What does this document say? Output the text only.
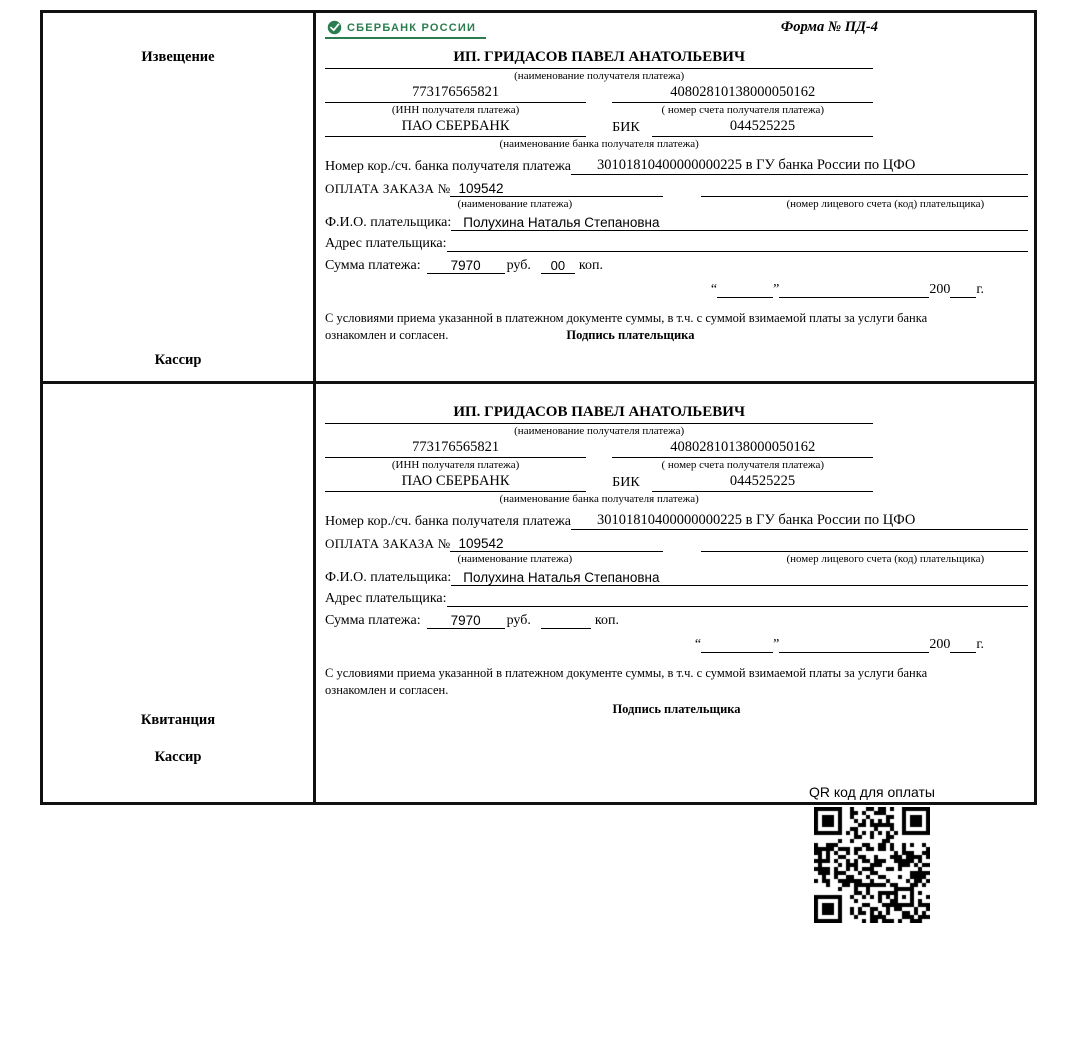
Извещение
Кассир
СБЕРБАНК РОССИИ	Форма № ПД-4
ИП. ГРИДАСОВ ПАВЕЛ АНАТОЛЬЕВИЧ
(наименование получателя платежа)
773176565821
(ИНН получателя платежа)
40802810138000050162
( номер счета получателя платежа)
ПАО СБЕРБАНК	БИК	044525225
(наименование банка получателя платежа)
Номер кор./сч. банка получателя платежа	30101810400000000225 в ГУ банка России по ЦФО
ОПЛАТА ЗАКАЗА № 109542
(наименование платежа)	(номер лицевого счета (код) плательщика)
Ф.И.О. плательщика: Полухина Наталья Степановна
Адрес плательщика:
Сумма платежа:	7970	руб.	00 коп.
“	”	200 г.
С условиями приема указанной в платежном документе суммы, в т.ч. с суммой взимаемой платы за услуги банка
ознакомлен и согласен.	Подпись плательщика
Квитанция
Кассир
ИП. ГРИДАСОВ ПАВЕЛ АНАТОЛЬЕВИЧ
(наименование получателя платежа)
773176565821
(ИНН получателя платежа)
40802810138000050162
( номер счета получателя платежа)
ПАО СБЕРБАНК	БИК	044525225
(наименование банка получателя платежа)
Номер кор./сч. банка получателя платежа	30101810400000000225 в ГУ банка России по ЦФО
ОПЛАТА ЗАКАЗА № 109542
(наименование платежа)	(номер лицевого счета (код) плательщика)
Ф.И.О. плательщика: Полухина Наталья Степановна
Адрес плательщика:
Сумма платежа:	7970	руб.	коп.
“	”	200 г.
С условиями приема указанной в платежном документе суммы, в т.ч. с суммой взимаемой платы за услуги банка
ознакомлен и согласен.
Подпись плательщика
QR код для оплаты
